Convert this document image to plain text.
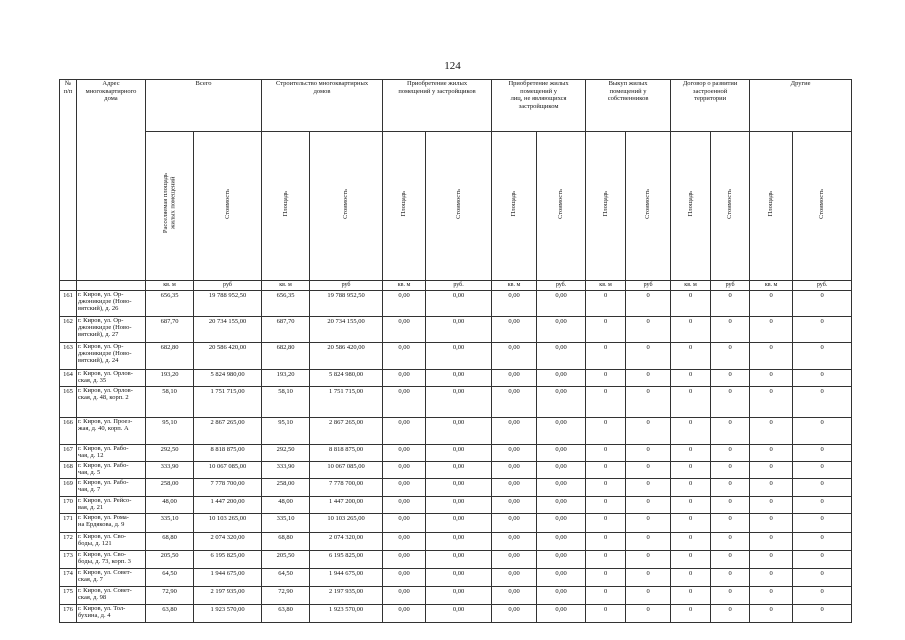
124
№
п/п	Адрес
многоквартирного
дома	Всего		Строительство многоквартирных
домов		Приобретение жилых
помещений у застройщиков		Приобретение жилых
помещений у
лиц, не являющихся
застройщиком		Выкуп жилых
помещений у
собственников		Договор о развитии
застроенной
территории		Другие	
		Расселяемая площадь
жилых помещений	Стоимость	Площадь	Стоимость	Площадь	Стоимость	Площадь	Стоимость	Площадь	Стоимость	Площадь	Стоимость	Площадь	Стоимость
		кв. м	руб	кв. м	руб	кв. м	руб.	кв. м	руб.	кв. м	руб	кв. м	руб	кв. м	руб.
161	г. Киров, ул. Ор-
джоникидзе (Ново-
вятский), д. 26	656,35	19 788 952,50	656,35	19 788 952,50	0,00	0,00	0,00	0,00	0	0	0	0	0	0
162	г. Киров, ул. Ор-
джоникидзе (Ново-
вятский), д. 27	687,70	20 734 155,00	687,70	20 734 155,00	0,00	0,00	0,00	0,00	0	0	0	0	0	0
163	г. Киров, ул. Ор-
джоникидзе (Ново-
вятский), д. 24	682,80	20 586 420,00	682,80	20 586 420,00	0,00	0,00	0,00	0,00	0	0	0	0	0	0
164	г. Киров, ул. Орлов-
ская, д. 35	193,20	5 824 980,00	193,20	5 824 980,00	0,00	0,00	0,00	0,00	0	0	0	0	0	0
165	г. Киров, ул. Орлов-
ская, д. 48, корп. 2	58,10	1 751 715,00	58,10	1 751 715,00	0,00	0,00	0,00	0,00	0	0	0	0	0	0
166	г. Киров, ул. Проез-
жая, д. 40, корп. А	95,10	2 867 265,00	95,10	2 867 265,00	0,00	0,00	0,00	0,00	0	0	0	0	0	0
167	г. Киров, ул. Рабо-
чая, д. 12	292,50	8 818 875,00	292,50	8 818 875,00	0,00	0,00	0,00	0,00	0	0	0	0	0	0
168	г. Киров, ул. Рабо-
чая, д. 5	333,90	10 067 085,00	333,90	10 067 085,00	0,00	0,00	0,00	0,00	0	0	0	0	0	0
169	г. Киров, ул. Рабо-
чая, д. 7	258,00	7 778 700,00	258,00	7 778 700,00	0,00	0,00	0,00	0,00	0	0	0	0	0	0
170	г. Киров, ул. Рейсо-
вая, д. 21	48,00	1 447 200,00	48,00	1 447 200,00	0,00	0,00	0,00	0,00	0	0	0	0	0	0
171	г. Киров, ул. Рома-
на Ердякова, д. 9	335,10	10 103 265,00	335,10	10 103 265,00	0,00	0,00	0,00	0,00	0	0	0	0	0	0
172	г. Киров, ул. Сво-
боды, д. 121	68,80	2 074 320,00	68,80	2 074 320,00	0,00	0,00	0,00	0,00	0	0	0	0	0	0
173	г. Киров, ул. Сво-
боды, д. 73, корп. 3	205,50	6 195 825,00	205,50	6 195 825,00	0,00	0,00	0,00	0,00	0	0	0	0	0	0
174	г. Киров, ул. Совет-
ская, д. 7	64,50	1 944 675,00	64,50	1 944 675,00	0,00	0,00	0,00	0,00	0	0	0	0	0	0
175	г. Киров, ул. Совет-
ская, д. 98	72,90	2 197 935,00	72,90	2 197 935,00	0,00	0,00	0,00	0,00	0	0	0	0	0	0
176	г. Киров, ул. Тол-
бухина, д. 4	63,80	1 923 570,00	63,80	1 923 570,00	0,00	0,00	0,00	0,00	0	0	0	0	0	0
